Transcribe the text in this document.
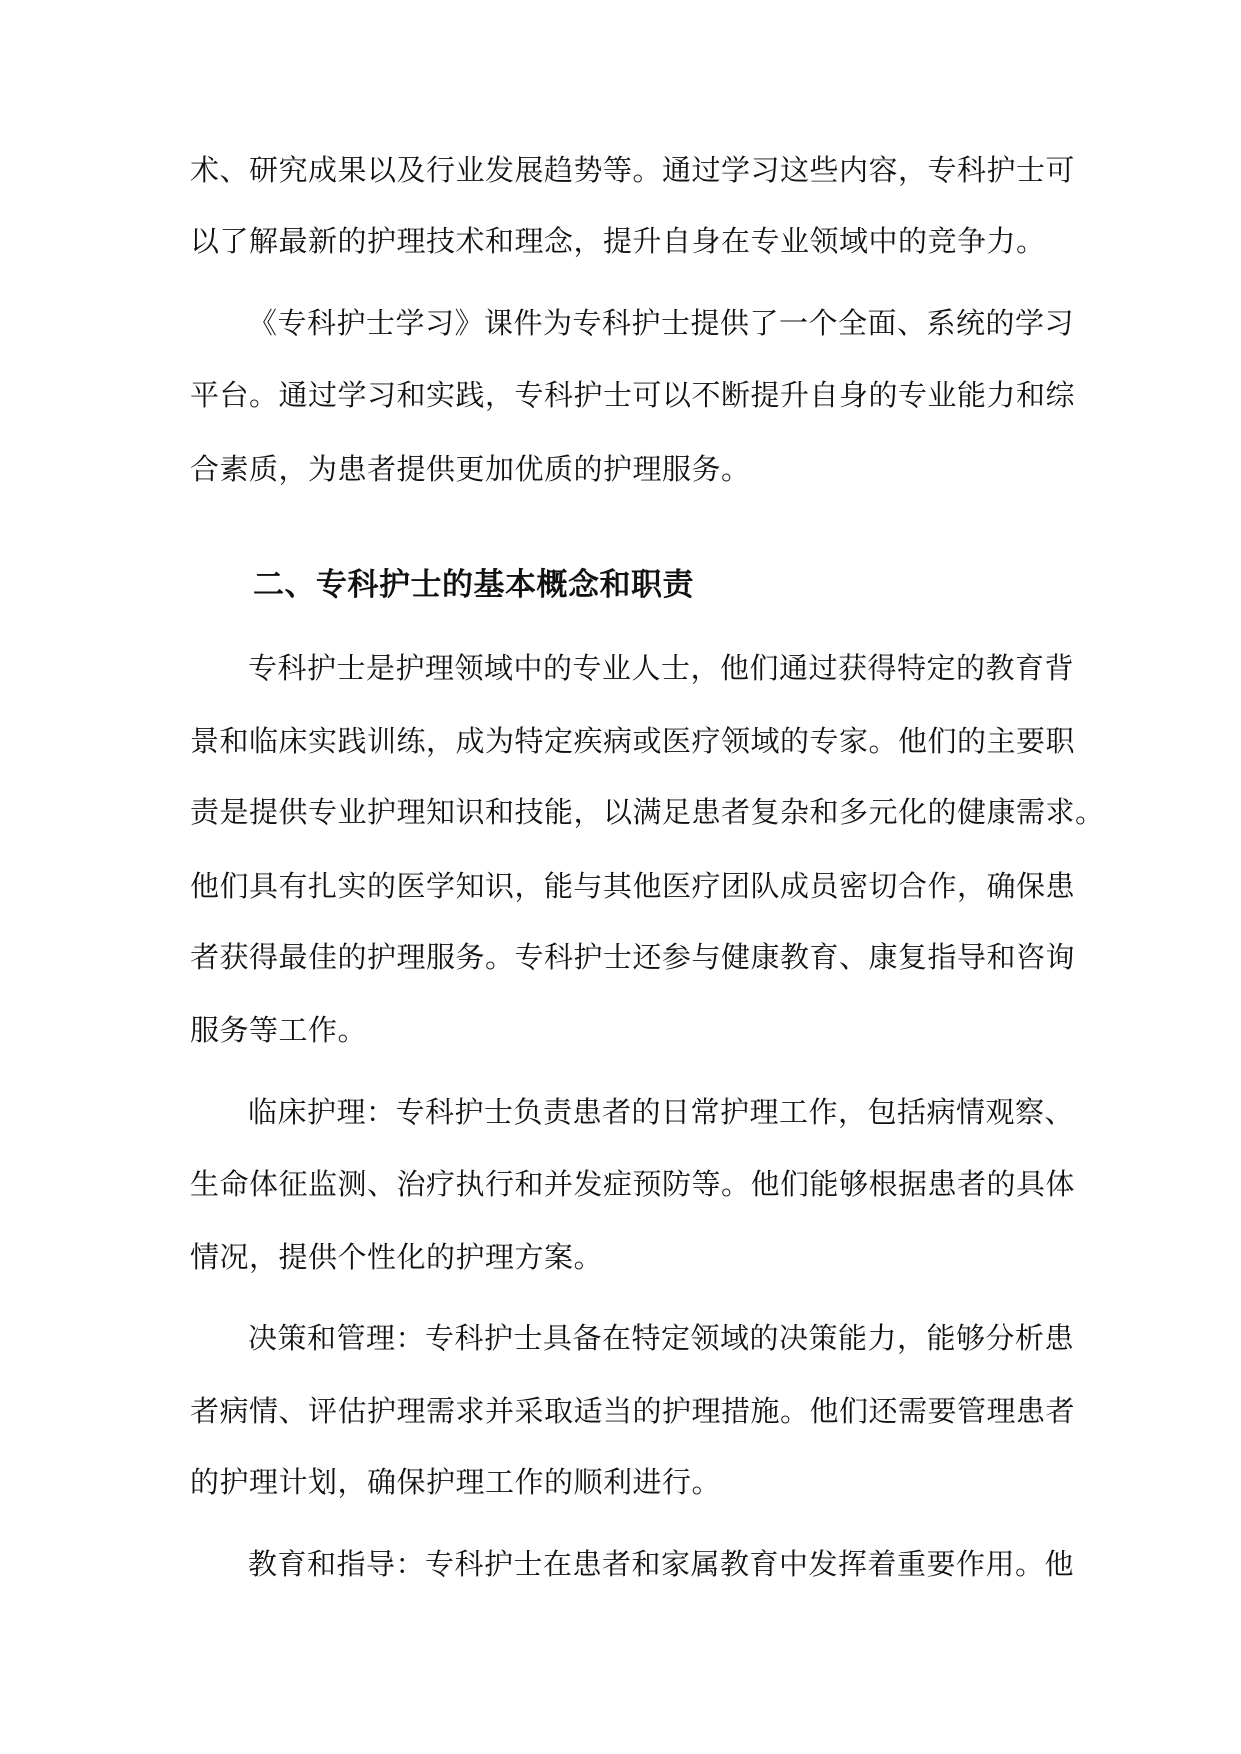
术、研究成果以及行业发展趋势等。通过学习这些内容，专科护士可
以了解最新的护理技术和理念，提升自身在专业领域中的竞争力。
《专科护士学习》课件为专科护士提供了一个全面、系统的学习
平台。通过学习和实践，专科护士可以不断提升自身的专业能力和综
合素质，为患者提供更加优质的护理服务。
二、专科护士的基本概念和职责
专科护士是护理领域中的专业人士，他们通过获得特定的教育背
景和临床实践训练，成为特定疾病或医疗领域的专家。他们的主要职
责是提供专业护理知识和技能，以满足患者复杂和多元化的健康需求。
他们具有扎实的医学知识，能与其他医疗团队成员密切合作，确保患
者获得最佳的护理服务。专科护士还参与健康教育、康复指导和咨询
服务等工作。
临床护理：专科护士负责患者的日常护理工作，包括病情观察、
生命体征监测、治疗执行和并发症预防等。他们能够根据患者的具体
情况，提供个性化的护理方案。
决策和管理：专科护士具备在特定领域的决策能力，能够分析患
者病情、评估护理需求并采取适当的护理措施。他们还需要管理患者
的护理计划，确保护理工作的顺利进行。
教育和指导：专科护士在患者和家属教育中发挥着重要作用。他
